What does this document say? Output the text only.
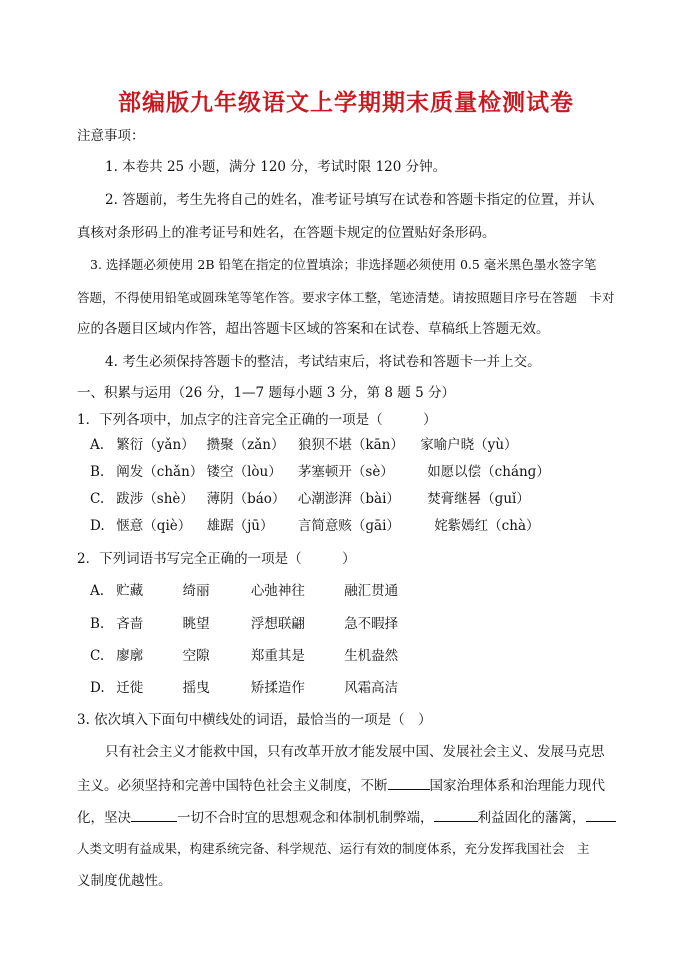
部编版九年级语文上学期期末质量检测试卷
注意事项：
1. 本卷共 25 小题，满分 120 分，考试时限 120 分钟。
2. 答题前，考生先将自己的姓名，准考证号填写在试卷和答题卡指定的位置，并认
真核对条形码上的准考证号和姓名，在答题卡规定的位置贴好条形码。
3. 选择题必须使用 2B 铅笔在指定的位置填涂；非选择题必须使用 0.5 毫米黑色墨水签字笔
答题，不得使用铅笔或圆珠笔等笔作答。要求字体工整，笔迹清楚。请按照题目序号在答题　卡对
应的各题目区域内作答，超出答题卡区域的答案和在试卷、草稿纸上答题无效。
4. 考生必须保持答题卡的整洁，考试结束后，将试卷和答题卡一并上交。
一、积累与运用（26 分，1—7 题每小题 3 分，第 8 题 5 分）
1．下列各项中，加点字的注音完全正确的一项是（　　　）
A. 繁衍（yǎn） 攒聚（zǎn） 狼狈不堪（kān） 家喻户晓（yù）
B. 阐发（chǎn） 镂空（lòu） 茅塞顿开（sè） 如愿以偿（chánɡ）
C. 跋涉（shè） 薄阴（báo） 心潮澎湃（bài） 焚膏继晷（ɡuǐ）
D. 惬意（qiè） 雄踞（jū） 言简意赅（ɡāi）	姹紫嫣红（chà）
2．下列词语书写完全正确的一项是（　　　）
A. 贮藏	绮丽	心弛神往	融汇贯通
B. 吝啬	眺望	浮想联翩	急不暇择
C. 廖廓	空隙	郑重其是	生机盎然
D. 迁徙	摇曳	矫揉造作	风霜高洁
3. 依次填入下面句中横线处的词语，最恰当的一项是（　）
只有社会主义才能救中国，只有改革开放才能发展中国、发展社会主义、发展马克思
主义。必须坚持和完善中国特色社会主义制度，不断	国家治理体系和治理能力现代
化，坚决	一切不合时宜的思想观念和体制机制弊端，	利益固化的藩篱，
人类文明有益成果，构建系统完备、科学规范、运行有效的制度体系，充分发挥我国社会　主
义制度优越性。
